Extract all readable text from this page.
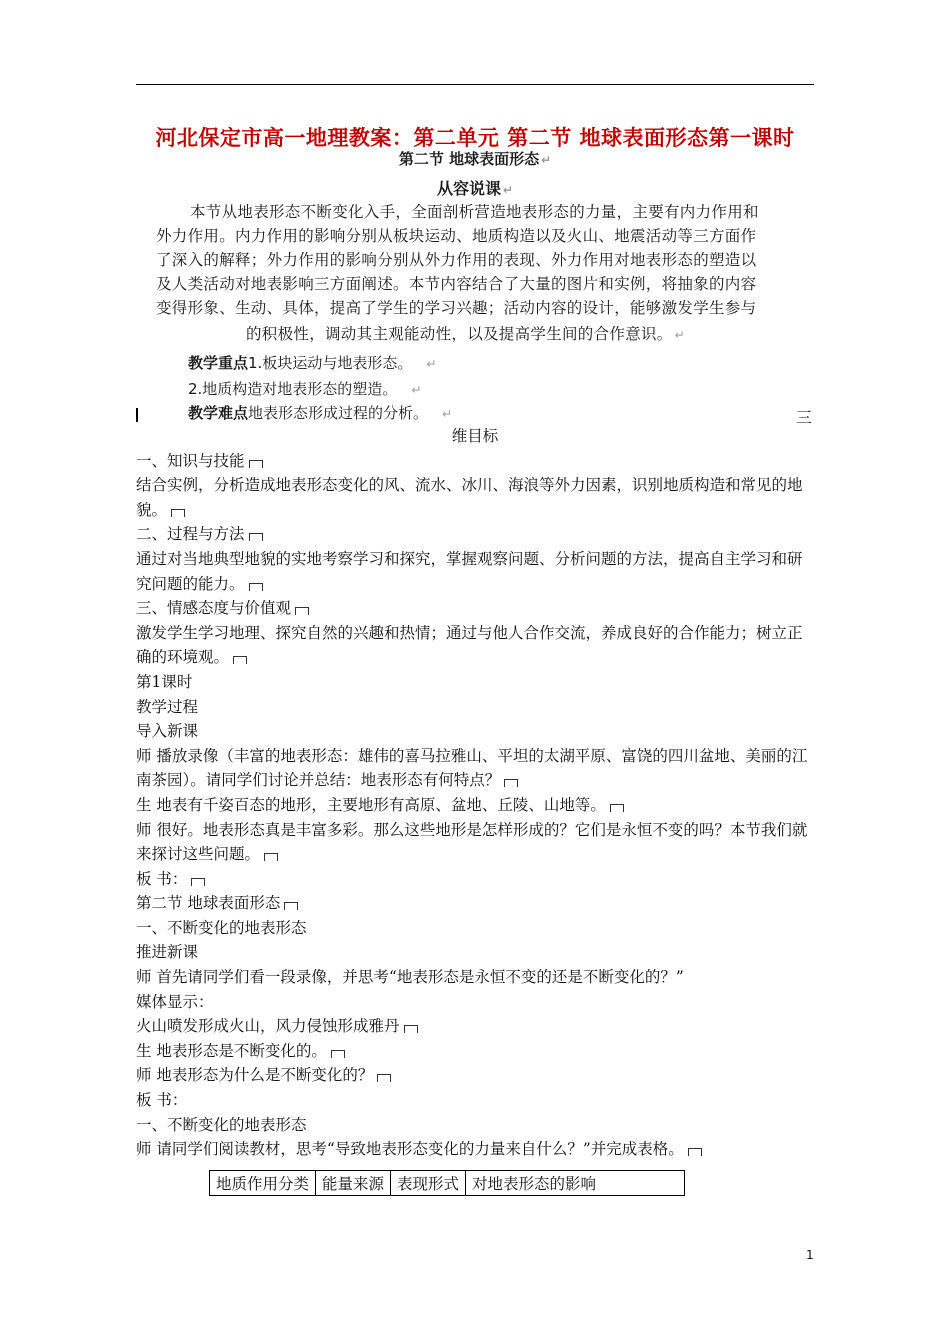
河北保定市高一地理教案：第二单元 第二节 地球表面形态第一课时
第二节 地球表面形态 ↵
从容说课 ↵
本节从地表形态不断变化入手，全面剖析营造地表形态的力量，主要有内力作用和
外力作用。内力作用的影响分别从板块运动、地质构造以及火山、地震活动等三方面作
了深入的解释；外力作用的影响分别从外力作用的表现、外力作用对地表形态的塑造以
及人类活动对地表影响三方面阐述。本节内容结合了大量的图片和实例，将抽象的内容
变得形象、生动、具体，提高了学生的学习兴趣；活动内容的设计，能够激发学生参与
的积极性，调动其主观能动性，以及提高学生间的合作意识。 ↵
教学重点1.板块运动与地表形态。 ↵
2.地质构造对地表形态的塑造。 ↵
教学难点地表形态形成过程的分析。 ↵	三

维目标

一、知识与技能

结合实例，分析造成地表形态变化的风、流水、冰川、海浪等外力因素，识别地质构造和常见的地貌。

二、过程与方法

通过对当地典型地貌的实地考察学习和探究，掌握观察问题、分析问题的方法，提高自主学习和研究问题的能力。

三、情感态度与价值观

激发学生学习地理、探究自然的兴趣和热情；通过与他人合作交流，养成良好的合作能力；树立正确的环境观。

第1课时

教学过程

导入新课

师 播放录像（丰富的地表形态：雄伟的喜马拉雅山、平坦的太湖平原、富饶的四川盆地、美丽的江南茶园）。请同学们讨论并总结：地表形态有何特点？

生 地表有千姿百态的地形，主要地形有高原、盆地、丘陵、山地等。

师 很好。地表形态真是丰富多彩。那么这些地形是怎样形成的？它们是永恒不变的吗？本节我们就来探讨这些问题。

板 书：

第二节 地球表面形态

一、不断变化的地表形态

推进新课

师 首先请同学们看一段录像，并思考“地表形态是永恒不变的还是不断变化的？”

媒体显示：

火山喷发形成火山，风力侵蚀形成雅丹

生 地表形态是不断变化的。

师 地表形态为什么是不断变化的？

板 书：

一、不断变化的地表形态

师 请同学们阅读教材，思考“导致地表形态变化的力量来自什么？”并完成表格。

地质作用分类	能量来源	表现形式	对地表形态的影响
1
